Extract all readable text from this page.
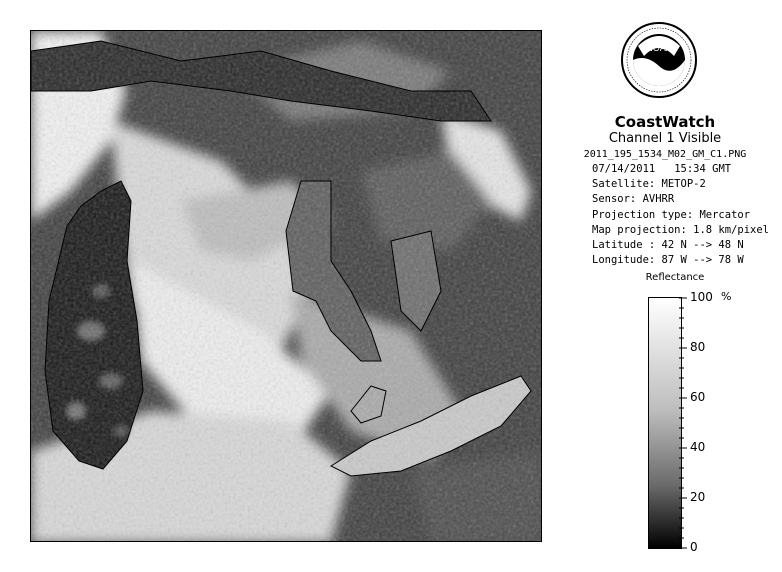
NOAA
CoastWatch
Channel 1 Visible
2011_195_1534_M02_GM_C1.PNG
07/14/2011 15:34 GMT
Satellite: METOP-2
Sensor: AVHRR
Projection type: Mercator
Map projection: 1.8 km/pixel
Latitude : 42 N --> 48 N
Longitude: 87 W --> 78 W
Reflectance
%
100
80
60
40
20
0
